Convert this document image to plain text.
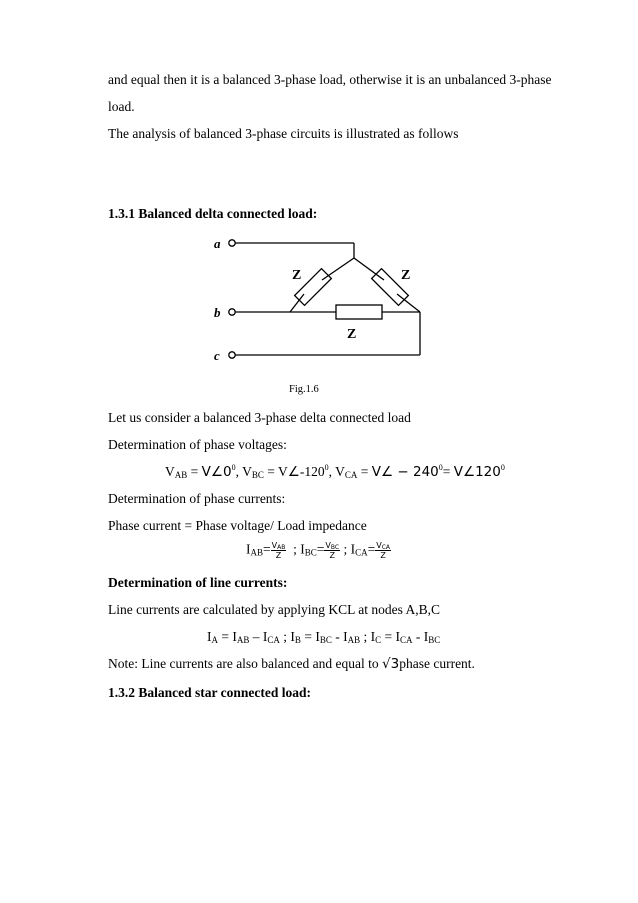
and equal then it is a balanced 3-phase load, otherwise it is an unbalanced 3-phase
load.
The analysis of balanced 3-phase circuits is illustrated as follows
1.3.1 Balanced delta connected load:
a
b
c
Z	Z
Z
Fig.1.6
Let us consider a balanced 3-phase delta connected load
Determination of phase voltages:
$V_{AB}$ = $V\angle 0^0$, $V_{BC}$ = $V\angle-120^0$, $V_{CA}$ = V∠ − $240^0=$ $V\angle 120^0$
Determination of phase currents:
Phase current = Phase voltage/ Load impedance
$I_{AB}= \frac{V_{AB}}{Z}$ ; $I_{BC}= \frac{V_{BC}}{Z}$ ; $I_{CA}= \frac{V_{CA}}{Z}$
Determination of line currents:
Line currents are calculated by applying KCL at nodes A,B,C
$I_A = I_{AB} - I_{CA}$ ; $I_B = I_{BC} - I_{AB}$ ; $I_C = I_{CA} - I_{BC}$
Note: Line currents are also balanced and equal to √3phase current.
1.3.2 Balanced star connected load:
